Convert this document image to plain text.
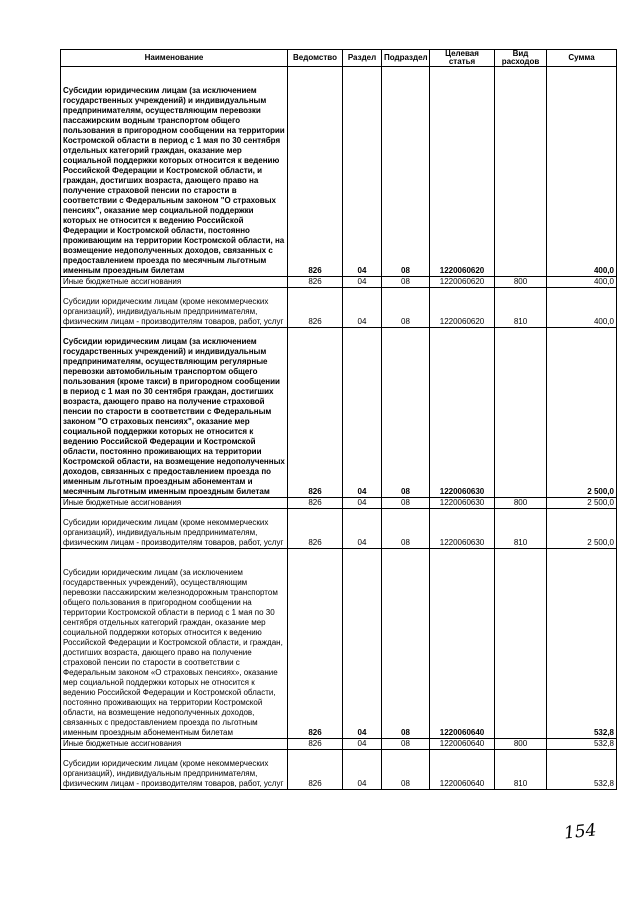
Наименование	Ведомство	Раздел	Подраздел	Целевая статья	Вид расходов	Сумма
Субсидии юридическим лицам (за исключением государственных учреждений) и индивидуальным предпринимателям, осуществляющим перевозки пассажирским водным транспортом общего пользования в пригородном сообщении на территории Костромской области в период с 1 мая по 30 сентября отдельных категорий граждан, оказание мер социальной поддержки которых относится к ведению Российской Федерации и Костромской области, и граждан, достигших возраста, дающего право на получение страховой пенсии по старости в соответствии с Федеральным законом "О страховых пенсиях", оказание мер социальной поддержки которых не относится к ведению Российской Федерации и Костромской области, постоянно проживающим на территории Костромской области, на возмещение недополученных доходов, связанных с предоставлением проезда по месячным льготным именным проездным билетам	826	04	08	1220060620		400,0
Иные бюджетные ассигнования	826	04	08	1220060620	800	400,0
Субсидии юридическим лицам (кроме некоммерческих организаций), индивидуальным предпринимателям, физическим лицам - производителям товаров, работ, услуг	826	04	08	1220060620	810	400,0
Субсидии юридическим лицам (за исключением государственных учреждений) и индивидуальным предпринимателям, осуществляющим регулярные перевозки автомобильным транспортом общего пользования (кроме такси) в пригородном сообщении в период с 1 мая по 30 сентября граждан, достигших возраста, дающего право на получение страховой пенсии по старости в соответствии с Федеральным законом "О страховых пенсиях", оказание мер социальной поддержки которых не относится к ведению Российской Федерации и Костромской области, постоянно проживающих на территории Костромской области, на возмещение недополученных доходов, связанных с предоставлением проезда по именным льготным проездным абонементам и месячным льготным именным проездным билетам	826	04	08	1220060630		2 500,0
Иные бюджетные ассигнования	826	04	08	1220060630	800	2 500,0
Субсидии юридическим лицам (кроме некоммерческих организаций), индивидуальным предпринимателям, физическим лицам - производителям товаров, работ, услуг	826	04	08	1220060630	810	2 500,0
Субсидии юридическим лицам (за исключением государственных учреждений), осуществляющим перевозки пассажирским железнодорожным транспортом общего пользования в пригородном сообщении на территории Костромской области в период с 1 мая по 30 сентября отдельных категорий граждан, оказание мер социальной поддержки которых относится к ведению Российской Федерации и Костромской области, и граждан, достигших возраста, дающего право на получение страховой пенсии по старости в соответствии с Федеральным законом «О страховых пенсиях», оказание мер социальной поддержки которых не относится к ведению Российской Федерации и Костромской области, постоянно проживающих на территории Костромской области, на возмещение недополученных доходов, связанных с предоставлением проезда по льготным именным проездным абонементным билетам	826	04	08	1220060640		532,8
Иные бюджетные ассигнования	826	04	08	1220060640	800	532,8
Субсидии юридическим лицам (кроме некоммерческих организаций), индивидуальным предпринимателям, физическим лицам - производителям товаров, работ, услуг	826	04	08	1220060640	810	532,8
154
